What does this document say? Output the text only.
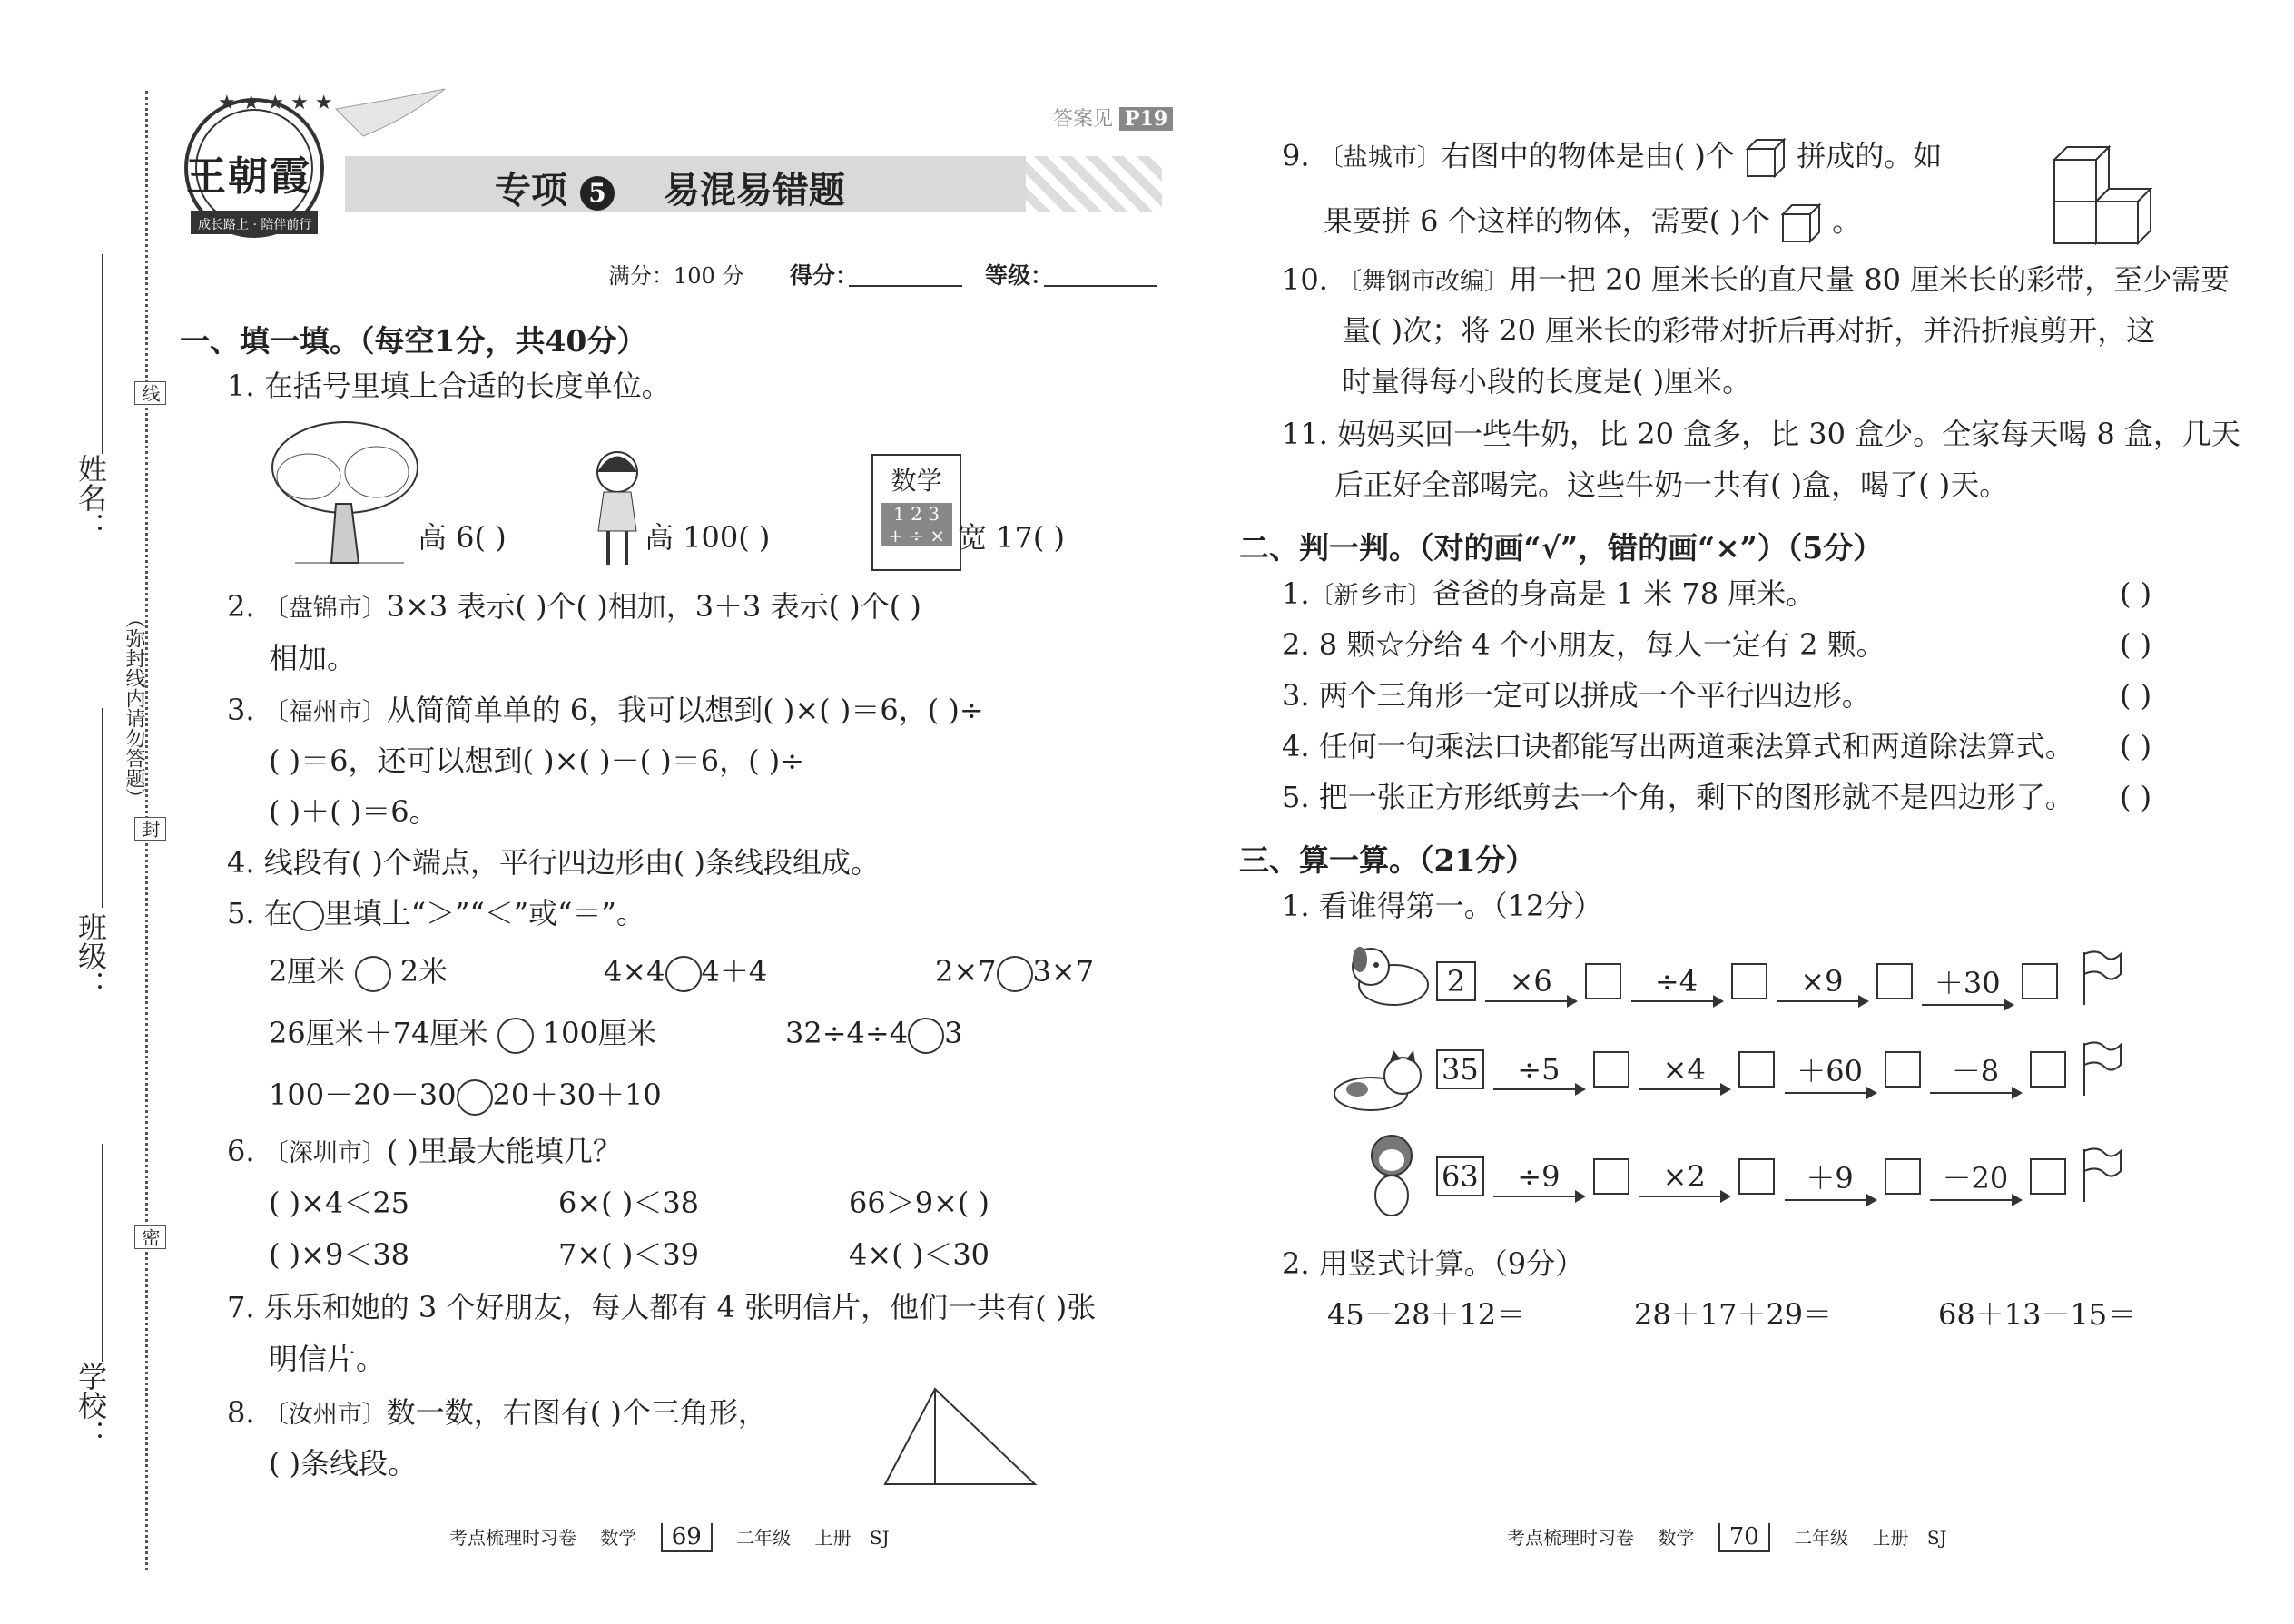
姓名：
班级：
学校：
线
封
密
（弥封线内请勿答题）
★ ★ ★ ★ ★
王朝霞
成长路上 · 陪伴前行
答案见 P19
专项 5 易混易错题
满分：100 分 得分：	等级：
一、填一填。（每空1分，共40分）
1. 在括号里填上合适的长度单位。
高 6( )	高 100( )
数学
1 2 3
+ ÷ × 宽 17( )
2. 〔盘锦市〕3×3 表示( )个( )相加，3＋3 表示( )个( )
相加。
3. 〔福州市〕从简简单单的 6，我可以想到( )×( )＝6，( )÷
( )＝6，还可以想到( )×( )－( )＝6，( )÷
( )＋( )＝6。
4. 线段有( )个端点，平行四边形由( )条线段组成。
5. 在 里填上“＞”“＜”或“＝”。
2厘米 2米	4×4 4＋4	2×7 3×7
26厘米＋74厘米 100厘米	32÷4÷4 3
100－20－30 20＋30＋10
6. 〔深圳市〕( )里最大能填几？
( )×4＜25	6×( )＜38	66＞9×( )
( )×9＜38	7×( )＜39	4×( )＜30
7. 乐乐和她的 3 个好朋友，每人都有 4 张明信片，他们一共有( )张
明信片。
8. 〔汝州市〕数一数，右图有( )个三角形，
( )条线段。
9. 〔盐城市〕右图中的物体是由( )个 拼成的。如
果要拼 6 个这样的物体，需要( )个 。
10. 〔舞钢市改编〕用一把 20 厘米长的直尺量 80 厘米长的彩带，至少需要
量( )次；将 20 厘米长的彩带对折后再对折，并沿折痕剪开，这
时量得每小段的长度是( )厘米。
11. 妈妈买回一些牛奶，比 20 盒多，比 30 盒少。全家每天喝 8 盒，几天
后正好全部喝完。这些牛奶一共有( )盒，喝了( )天。
二、判一判。（对的画“√”，错的画“×”）（5分）
1.〔新乡市〕爸爸的身高是 1 米 78 厘米。	( )
2. 8 颗☆分给 4 个小朋友，每人一定有 2 颗。	( )
3. 两个三角形一定可以拼成一个平行四边形。	( )
4. 任何一句乘法口诀都能写出两道乘法算式和两道除法算式。 ( )
5. 把一张正方形纸剪去一个角，剩下的图形就不是四边形了。 ( )
三、算一算。（21分）
1. 看谁得第一。（12分）
2 ×6	÷4	×9	＋30

35 ÷5	×4	＋60	－8

63 ÷9	×2	＋9	－20

2. 用竖式计算。（9分）
45－28＋12＝	28＋17＋29＝	68＋13－15＝
考点梳理时习卷 数学 69 二年级 上册 SJ	考点梳理时习卷 数学 70 二年级 上册 SJ
